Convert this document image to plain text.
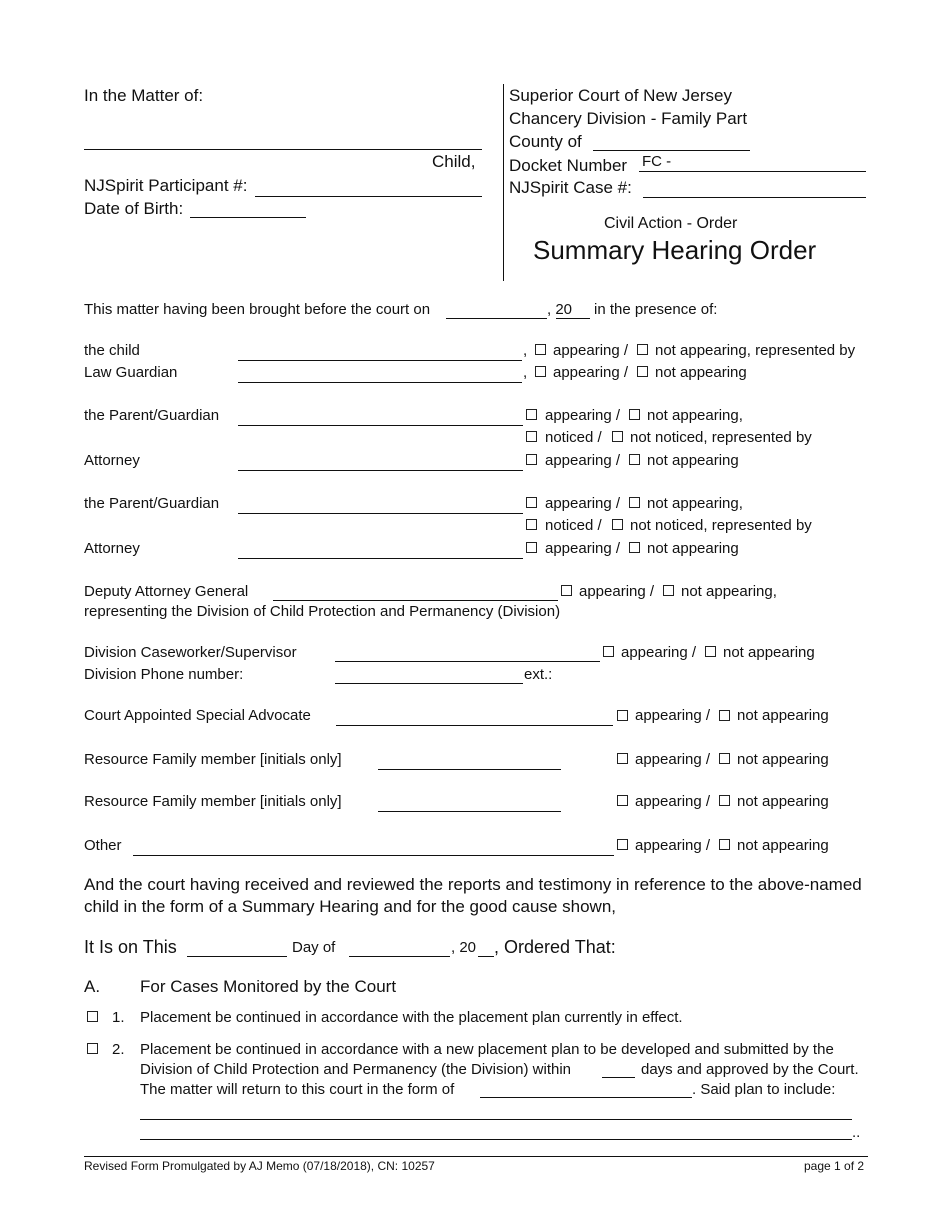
In the Matter of:
Child,
NJSpirit Participant #:
Date of Birth:
Superior Court of New Jersey
Chancery Division - Family Part
County of
Docket Number FC -
NJSpirit Case #:
Civil Action - Order
Summary Hearing Order
This matter having been brought before the court on	, 20 in the presence of:
the child	, appearing / not appearing, represented by
Law Guardian	, appearing / not appearing
the Parent/Guardian	appearing / not appearing,
noticed / not noticed, represented by
Attorney	appearing / not appearing
the Parent/Guardian	appearing / not appearing,
noticed / not noticed, represented by
Attorney	appearing / not appearing
Deputy Attorney General	appearing / not appearing,
representing the Division of Child Protection and Permanency (Division)
Division Caseworker/Supervisor	appearing / not appearing
Division Phone number:	ext.:
Court Appointed Special Advocate	appearing / not appearing
Resource Family member [initials only]	appearing / not appearing
Resource Family member [initials only]	appearing / not appearing
Other	appearing / not appearing
And the court having received and reviewed the reports and testimony in reference to the above-named child in the form of a Summary Hearing and for the good cause shown,
It Is on This	Day of	, 20 , Ordered That:
A. For Cases Monitored by the Court
1. Placement be continued in accordance with the placement plan currently in effect.
2. Placement be continued in accordance with a new placement plan to be developed and submitted by the
Division of Child Protection and Permanency (the Division) within	days and approved by the Court.
The matter will return to this court in the form of	. Said plan to include:
..
Revised Form Promulgated by AJ Memo (07/18/2018), CN: 10257	page 1 of 2
